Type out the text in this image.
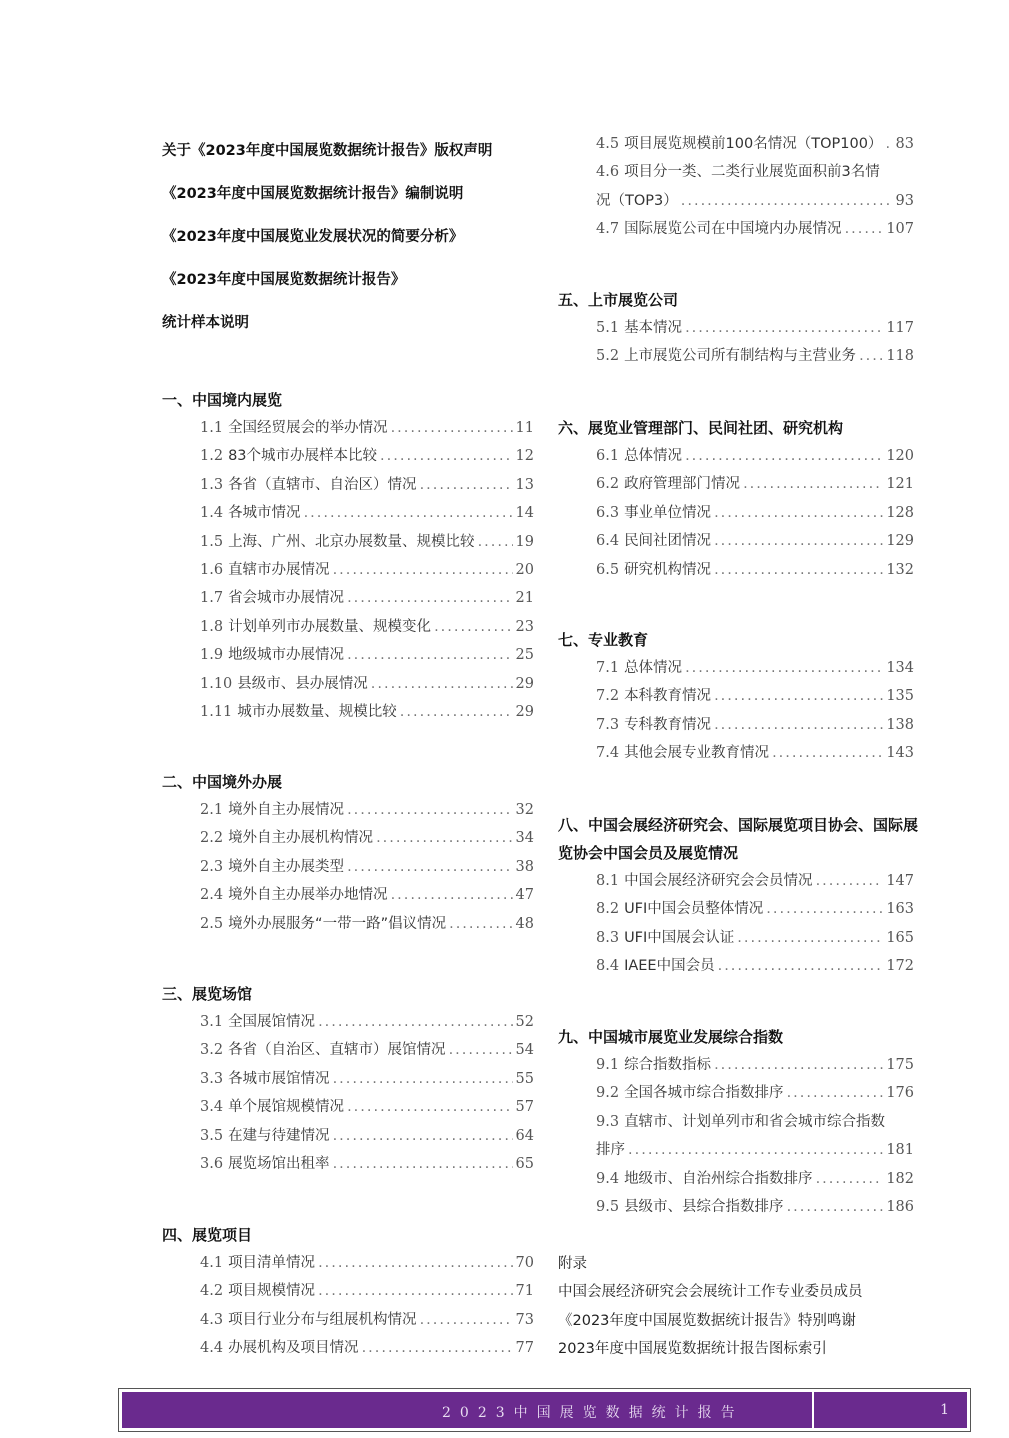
关于《2023年度中国展览数据统计报告》版权声明
《2023年度中国展览数据统计报告》编制说明
《2023年度中国展览业发展状况的简要分析》
《2023年度中国展览数据统计报告》
统计样本说明
一、中国境内展览
1.1 全国经贸展会的举办情况 .....	11
1.2 83个城市办展样本比较 .....	12
1.3 各省（直辖市、自治区）情况 .....	13
1.4 各城市情况 .....	14
1.5 上海、广州、北京办展数量、规模比较 .....	19
1.6 直辖市办展情况 .....	20
1.7 省会城市办展情况 .....	21
1.8 计划单列市办展数量、规模变化 .....	23
1.9 地级城市办展情况 .....	25
1.10 县级市、县办展情况 .....	29
1.11 城市办展数量、规模比较 .....	29
二、中国境外办展
2.1 境外自主办展情况 .....	32
2.2 境外自主办展机构情况 .....	34
2.3 境外自主办展类型 .....	38
2.4 境外自主办展举办地情况 .....	47
2.5 境外办展服务“一带一路”倡议情况 .....	48
三、展览场馆
3.1 全国展馆情况 .....	52
3.2 各省（自治区、直辖市）展馆情况 .....	54
3.3 各城市展馆情况 .....	55
3.4 单个展馆规模情况 .....	57
3.5 在建与待建情况 .....	64
3.6 展览场馆出租率 .....	65
四、展览项目
4.1 项目清单情况 .....	70
4.2 项目规模情况 .....	71
4.3 项目行业分布与组展机构情况 .....	73
4.4 办展机构及项目情况 .....	77
4.5 项目展览规模前100名情况（TOP100） ..... 83
4.6 项目分一类、二类行业展览面积前3名情
况（TOP3） .....	93
4.7 国际展览公司在中国境内办展情况 .....	107
五、上市展览公司
5.1 基本情况 .....	117
5.2 上市展览公司所有制结构与主营业务 ..... 118
六、展览业管理部门、民间社团、研究机构
6.1 总体情况 .....	120
6.2 政府管理部门情况 .....	121
6.3 事业单位情况 .....	128
6.4 民间社团情况 .....	129
6.5 研究机构情况 .....	132
七、专业教育
7.1 总体情况 .....	134
7.2 本科教育情况 .....	135
7.3 专科教育情况 .....	138
7.4 其他会展专业教育情况 .....	143
八、中国会展经济研究会、国际展览项目协会、国际展览协会中国会员及展览情况
8.1 中国会展经济研究会会员情况 .....	147
8.2 UFI中国会员整体情况 .....	163
8.3 UFI中国展会认证 .....	165
8.4 IAEE中国会员 .....	172
九、中国城市展览业发展综合指数
9.1 综合指数指标 .....	175
9.2 全国各城市综合指数排序 .....	176
9.3 直辖市、计划单列市和省会城市综合指数
排序 .....	181
9.4 地级市、自治州综合指数排序 .....	182
9.5 县级市、县综合指数排序 .....	186
附录
中国会展经济研究会会展统计工作专业委员成员
《2023年度中国展览数据统计报告》特别鸣谢
2023年度中国展览数据统计报告图标索引
2023中国展览数据统计报告	1
